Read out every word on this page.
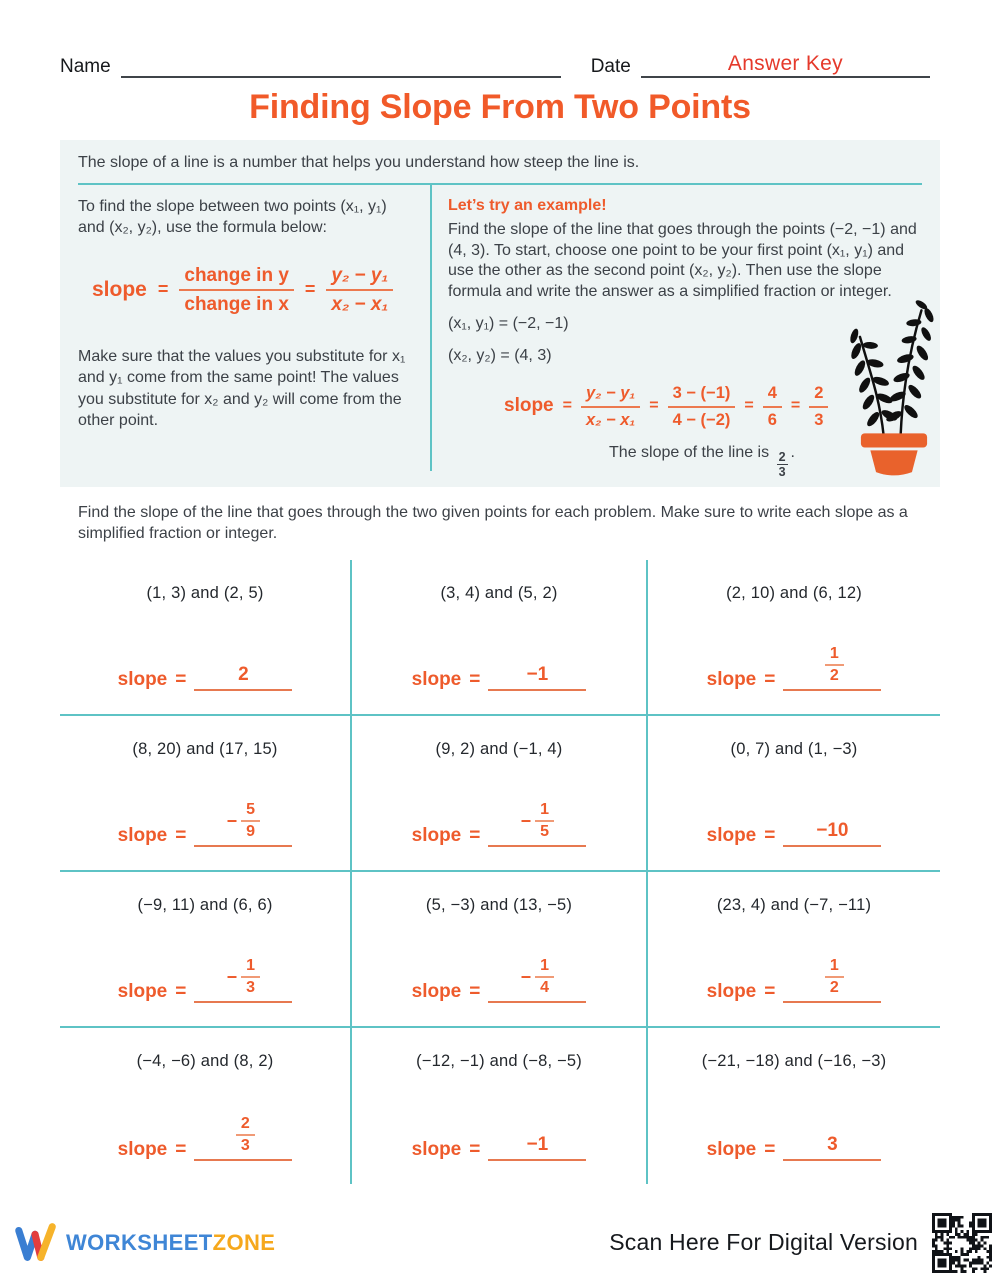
Name	Date	Answer Key
Finding Slope From Two Points
The slope of a line is a number that helps you understand how steep the line is.
To find the slope between two points (x₁, y₁) and (x₂, y₂), use the formula below:
slope =
change in y
change in x
= $\frac{\text{y₂ − y₁}}{\text{x₂ − x₁}}$
Make sure that the values you substitute for x₁ and y₁ come from the same point! The values you substitute for x₂ and y₂ will come from the other point.
Let’s try an example!
Find the slope of the line that goes through the points (−2, −1) and (4, 3). To start, choose one point to be your first point (x₁, y₁) and use the other as the second point (x₂, y₂). Then use the slope formula and write the answer as a simplified fraction or integer.
(x₁, y₁) = (−2, −1)
(x₂, y₂) = (4, 3)
slope = $\frac{\text{y₂ − y₁}}{\text{x₂ − x₁}} = \frac{3 - (-1)}{4 - (-2)} = \frac{4}{6} = \frac{2}{3}$
The slope of the line is $\frac{2}{3}$ .
Find the slope of the line that goes through the two given points for each problem. Make sure to write each slope as a simplified fraction or integer.
(1, 3) and (2, 5)
slope =	2
(3, 4) and (5, 2)
slope = −1
(2, 10) and (6, 12)
slope =	$\frac{1}{2}$
(8, 20) and (17, 15)
slope =
− $\frac{5}{9}$
(9, 2) and (−1, 4)
slope =
− $\frac{1}{5}$
(0, 7) and (1, −3)
slope = −10
(−9, 11) and (6, 6)
slope =
− $\frac{1}{3}$
(5, −3) and (13, −5)
slope =
− $\frac{1}{4}$
(23, 4) and (−7, −11)
slope =	$\frac{1}{2}$
(−4, −6) and (8, 2)
slope =	$\frac{2}{3}$
(−12, −1) and (−8, −5)
slope = −1
(−21, −18) and (−16, −3)
slope =	3
WORKSHEETZONE	Scan Here For Digital Version
